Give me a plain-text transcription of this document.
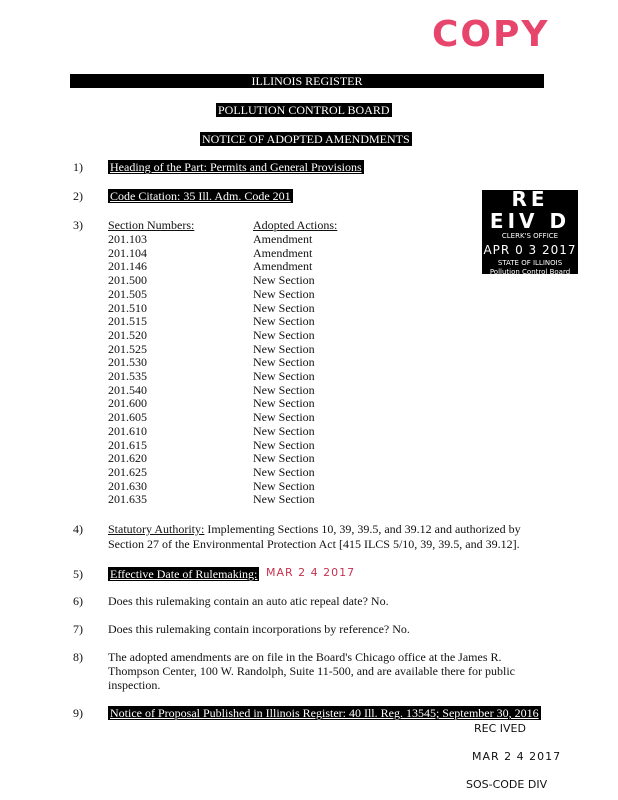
COPY
ILLINOIS REGISTER
POLLUTION CONTROL BOARD
NOTICE OF ADOPTED AMENDMENTS
1) Heading of the Part: Permits and General Provisions
2) Code Citation: 35 Ill. Adm. Code 201
3) Section Numbers:	Adopted Actions:
201.103	Amendment
201.104	Amendment
201.146	Amendment
201.500	New Section
201.505	New Section
201.510	New Section
201.515	New Section
201.520	New Section
201.525	New Section
201.530	New Section
201.535	New Section
201.540	New Section
201.600	New Section
201.605	New Section
201.610	New Section
201.615	New Section
201.620	New Section
201.625	New Section
201.630	New Section
201.635	New Section
RE EIV D
CLERK'S OFFICE
APR 0 3 2017
STATE OF ILLINOIS
Pollution Control Board
4) Statutory Authority: Implementing Sections 10, 39, 39.5, and 39.12 and authorized by
Section 27 of the Environmental Protection Act [415 ILCS 5/10, 39, 39.5, and 39.12].
5) Effective Date of Rulemaking: MAR 2 4 2017
6) Does this rulemaking contain an auto atic repeal date? No.
7) Does this rulemaking contain incorporations by reference? No.
8) The adopted amendments are on file in the Board's Chicago office at the James R.
Thompson Center, 100 W. Randolph, Suite 11-500, and are available there for public
inspection.
9) Notice of Proposal Published in Illinois Register: 40 Ill. Reg. 13545; September 30, 2016
REC IVED
MAR 2 4 2017
SOS-CODE DIV
